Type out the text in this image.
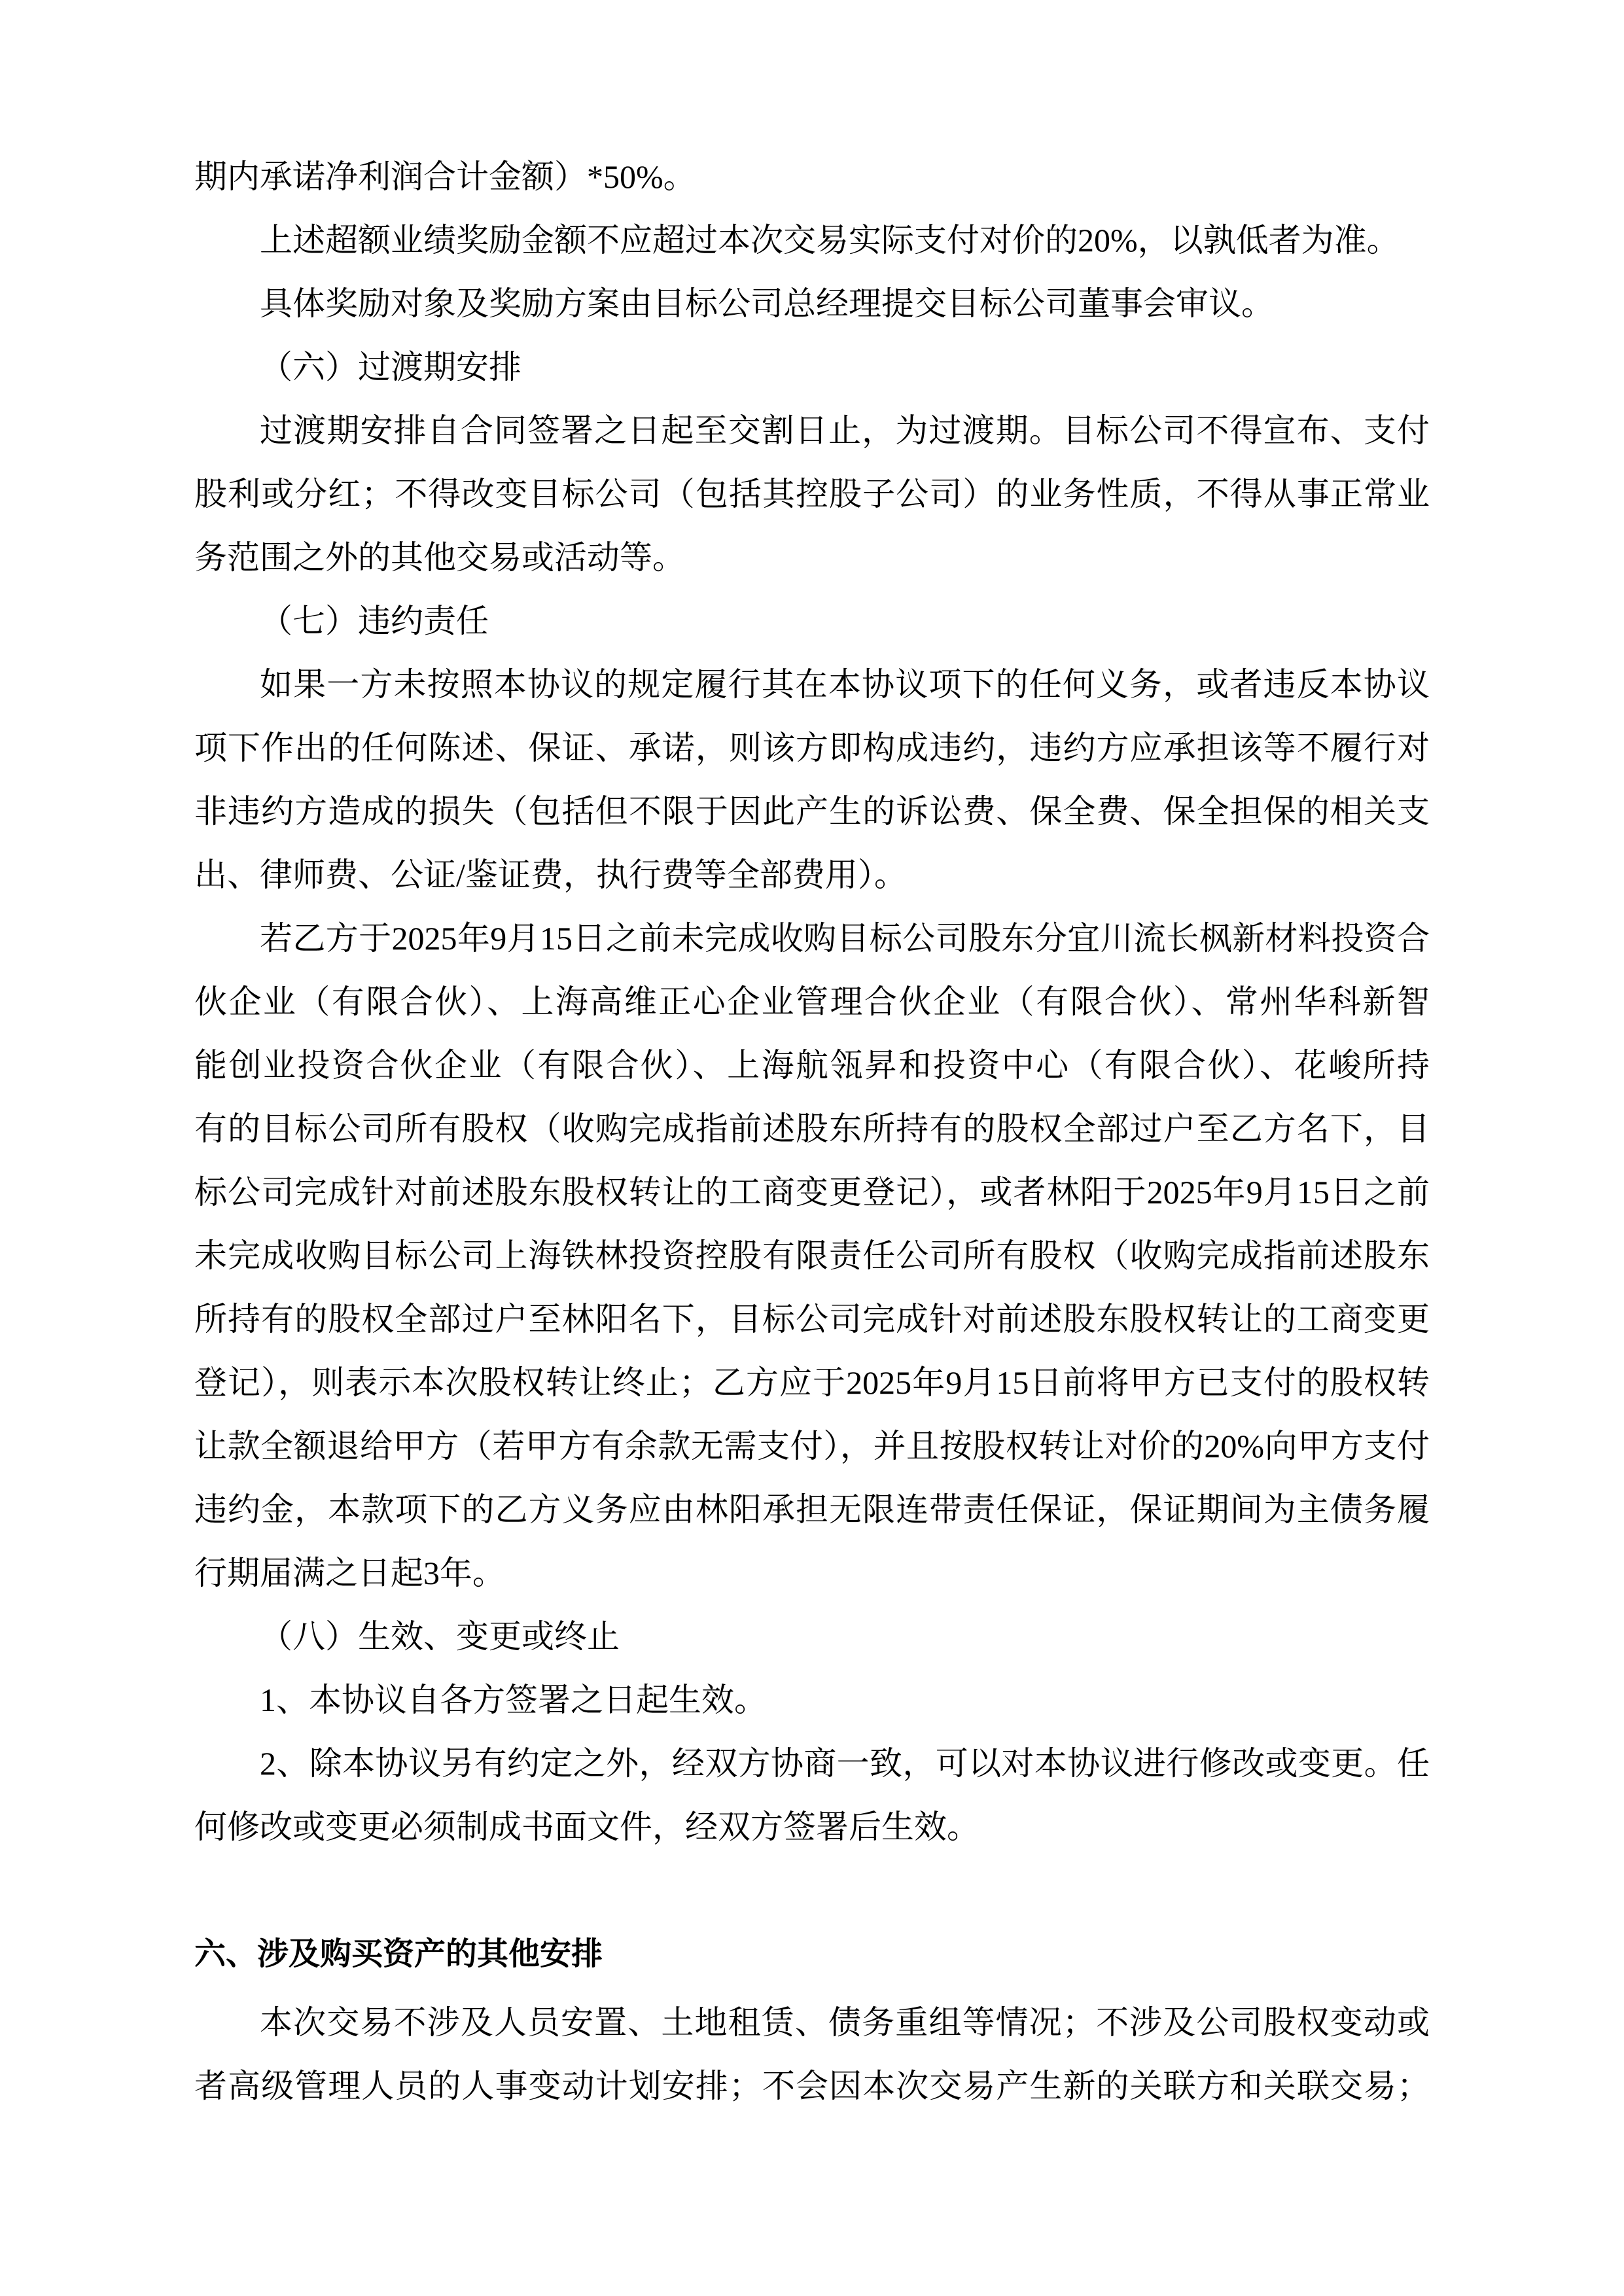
期内承诺净利润合计金额）*50%。
上述超额业绩奖励金额不应超过本次交易实际支付对价的20%，以孰低者为准。
具体奖励对象及奖励方案由目标公司总经理提交目标公司董事会审议。
（六）过渡期安排
过渡期安排自合同签署之日起至交割日止，为过渡期。目标公司不得宣布、支付
股利或分红；不得改变目标公司（包括其控股子公司）的业务性质，不得从事正常业
务范围之外的其他交易或活动等。
（七）违约责任
如果一方未按照本协议的规定履行其在本协议项下的任何义务，或者违反本协议
项下作出的任何陈述、保证、承诺，则该方即构成违约，违约方应承担该等不履行对
非违约方造成的损失（包括但不限于因此产生的诉讼费、保全费、保全担保的相关支
出、律师费、公证/鉴证费，执行费等全部费用）。
若乙方于2025年9月15日之前未完成收购目标公司股东分宜川流长枫新材料投资合
伙企业（有限合伙）、上海高维正心企业管理合伙企业（有限合伙）、常州华科新智
能创业投资合伙企业（有限合伙）、上海航瓴昇和投资中心（有限合伙）、花峻所持
有的目标公司所有股权（收购完成指前述股东所持有的股权全部过户至乙方名下，目
标公司完成针对前述股东股权转让的工商变更登记），或者林阳于2025年9月15日之前
未完成收购目标公司上海铁林投资控股有限责任公司所有股权（收购完成指前述股东
所持有的股权全部过户至林阳名下，目标公司完成针对前述股东股权转让的工商变更
登记），则表示本次股权转让终止；乙方应于2025年9月15日前将甲方已支付的股权转
让款全额退给甲方（若甲方有余款无需支付），并且按股权转让对价的20%向甲方支付
违约金，本款项下的乙方义务应由林阳承担无限连带责任保证，保证期间为主债务履
行期届满之日起3年。
（八）生效、变更或终止
1、本协议自各方签署之日起生效。
2、除本协议另有约定之外，经双方协商一致，可以对本协议进行修改或变更。任
何修改或变更必须制成书面文件，经双方签署后生效。
六、涉及购买资产的其他安排
本次交易不涉及人员安置、土地租赁、债务重组等情况；不涉及公司股权变动或
者高级管理人员的人事变动计划安排；不会因本次交易产生新的关联方和关联交易；
